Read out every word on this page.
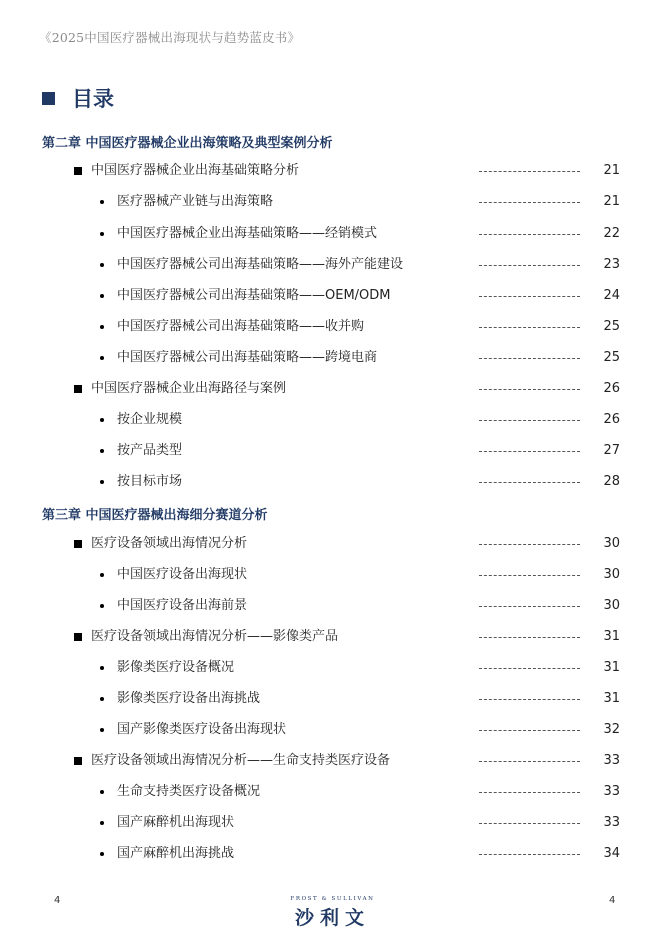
《2025中国医疗器械出海现状与趋势蓝皮书》
目录
第二章 中国医疗器械企业出海策略及典型案例分析
中国医疗器械企业出海基础策略分析	21
医疗器械产业链与出海策略	21
中国医疗器械企业出海基础策略——经销模式	22
中国医疗器械公司出海基础策略——海外产能建设	23
中国医疗器械公司出海基础策略——OEM/ODM	24
中国医疗器械公司出海基础策略——收并购	25
中国医疗器械公司出海基础策略——跨境电商	25
中国医疗器械企业出海路径与案例	26
按企业规模	26
按产品类型	27
按目标市场	28
第三章 中国医疗器械出海细分赛道分析
医疗设备领域出海情况分析	30
中国医疗设备出海现状	30
中国医疗设备出海前景	30
医疗设备领域出海情况分析——影像类产品	31
影像类医疗设备概况	31
影像类医疗设备出海挑战	31
国产影像类医疗设备出海现状	32
医疗设备领域出海情况分析——生命支持类医疗设备	33
生命支持类医疗设备概况	33
国产麻醉机出海现状	33
国产麻醉机出海挑战	34
4	FROST & SULLIVAN
沙利文
4
